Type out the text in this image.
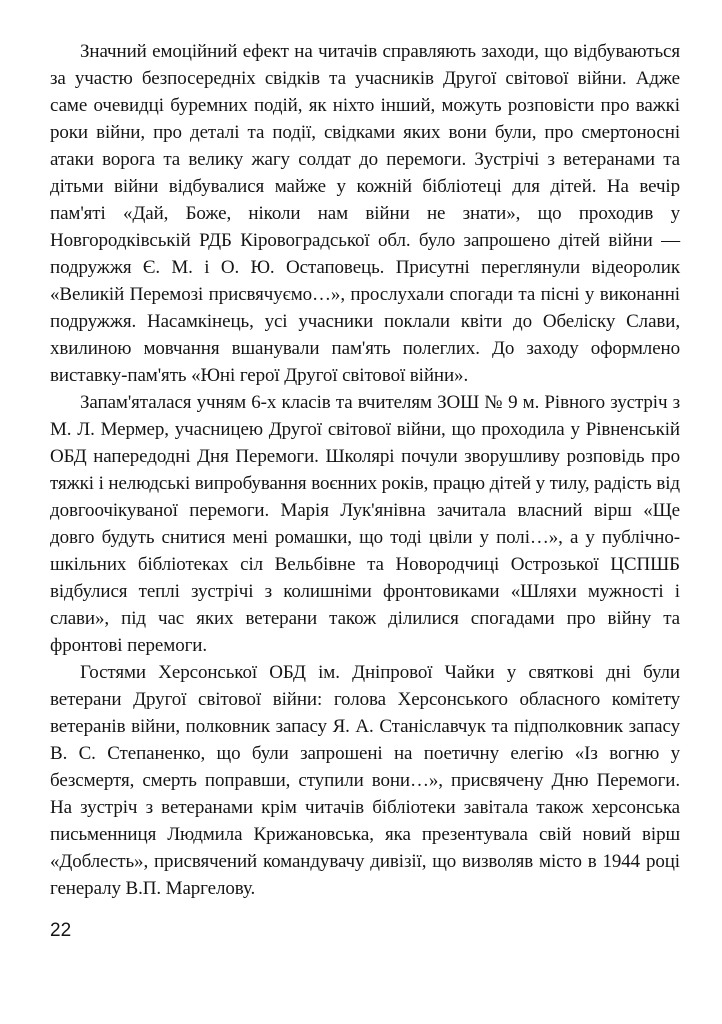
Значний емоційний ефект на читачів справляють заходи, що відбуваються за участю безпосередніх свідків та учасників Другої світової війни. Адже саме очевидці буремних подій, як ніхто інший, можуть розповісти про важкі роки війни, про деталі та події, свідками яких вони були, про смертоносні атаки ворога та велику жагу солдат до перемоги. Зустрічі з ветеранами та дітьми війни відбувалися майже у кожній бібліотеці для дітей. На вечір пам'яті «Дай, Боже, ніколи нам війни не знати», що проходив у Новгородківській РДБ Кіровоградської обл. було запрошено дітей війни — подружжя Є. М. і О. Ю. Остаповець. Присутні переглянули відеоролик «Великій Перемозі присвячуємо…», прослухали спогади та пісні у виконанні подружжя. Насамкінець, усі учасники поклали квіти до Обеліску Слави, хвилиною мовчання вшанували пам'ять полеглих. До заходу оформлено виставку-пам'ять «Юні герої Другої світової війни».

Запам'яталася учням 6-х класів та вчителям ЗОШ № 9 м. Рівного зустріч з М. Л. Мермер, учасницею Другої світової війни, що проходила у Рівненській ОБД напередодні Дня Перемоги. Школярі почули зворушливу розповідь про тяжкі і нелюдські випробування воєнних років, працю дітей у тилу, радість від довгоочікуваної перемоги. Марія Лук'янівна зачитала власний вірш «Ще довго будуть снитися мені ромашки, що тоді цвіли у полі…», а у публічно-шкільних бібліотеках сіл Вельбівне та Новородчиці Острозької ЦСПШБ відбулися теплі зустрічі з колишніми фронтовиками «Шляхи мужності і слави», під час яких ветерани також ділилися спогадами про війну та фронтові перемоги.

Гостями Херсонської ОБД ім. Дніпрової Чайки у святкові дні були ветерани Другої світової війни: голова Херсонського обласного комітету ветеранів війни, полковник запасу Я. А. Станіславчук та підполковник запасу В. С. Степаненко, що були запрошені на поетичну елегію «Із вогню у безсмертя, смерть поправши, ступили вони…», присвячену Дню Перемоги. На зустріч з ветеранами крім читачів бібліотеки завітала також херсонська письменниця Людмила Крижановська, яка презентувала свій новий вірш «Доблесть», присвячений командувачу дивізії, що визволяв місто в 1944 році генералу В.П. Маргелову.

22
